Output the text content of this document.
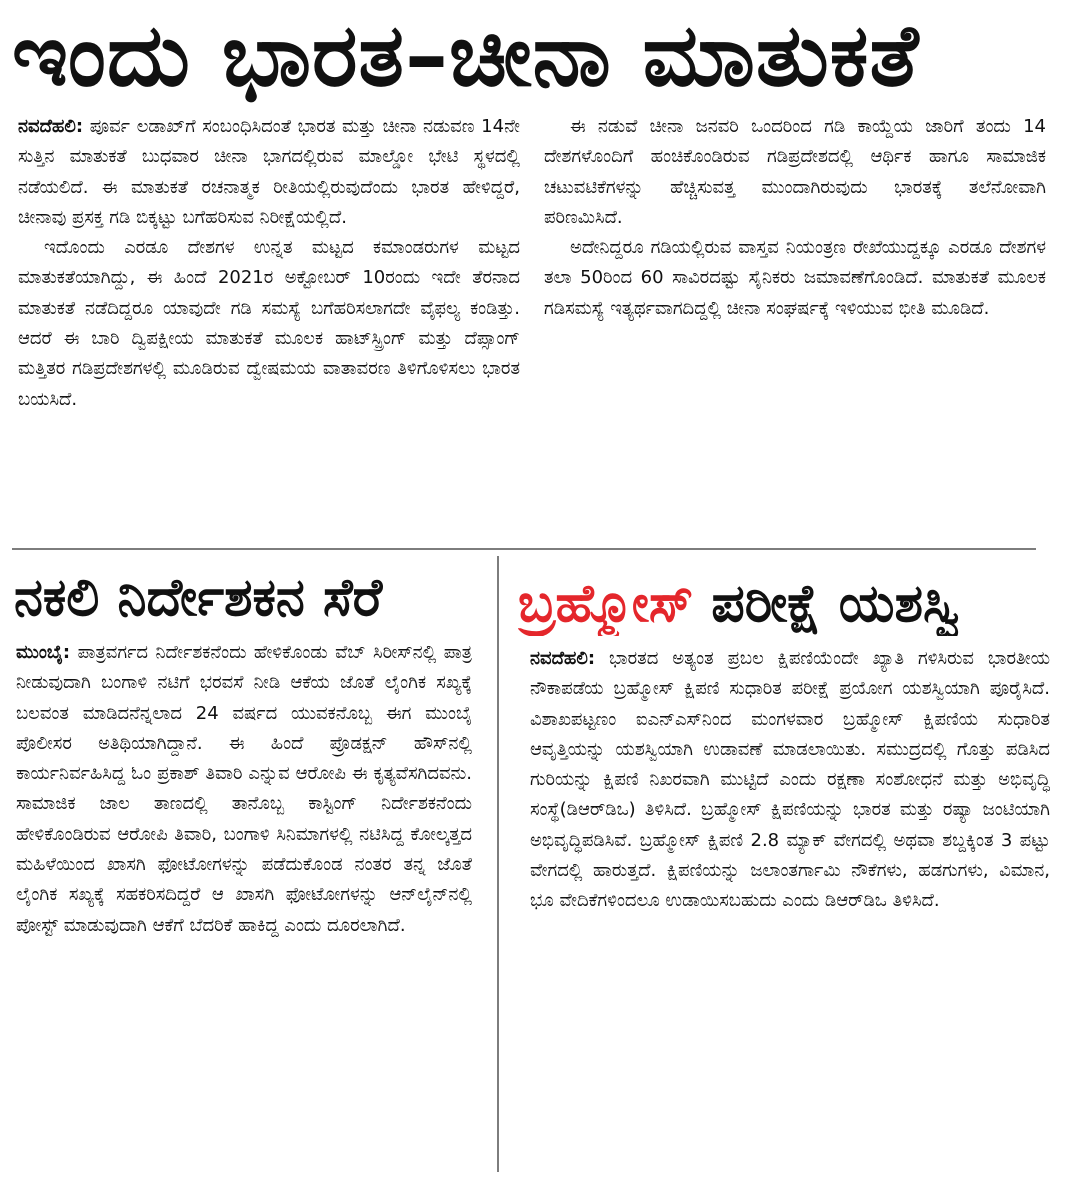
ಇಂದು ಭಾರತ–ಚೀನಾ ಮಾತುಕತೆ

ನವದೆಹಲಿ: ಪೂರ್ವ ಲಡಾಖ್‌ಗೆ ಸಂಬಂಧಿಸಿದಂತೆ ಭಾರತ ಮತ್ತು ಚೀನಾ ನಡುವಣ 14ನೇ ಸುತ್ತಿನ ಮಾತುಕತೆ ಬುಧವಾರ ಚೀನಾ ಭಾಗದಲ್ಲಿರುವ ಮಾಲ್ಡೋ ಭೇಟಿ ಸ್ಥಳದಲ್ಲಿ ನಡೆಯಲಿದೆ. ಈ ಮಾತುಕತೆ ರಚನಾತ್ಮಕ ರೀತಿಯಲ್ಲಿರುವುದೆಂದು ಭಾರತ ಹೇಳಿದ್ದರೆ, ಚೀನಾವು ಪ್ರಸಕ್ತ ಗಡಿ ಬಿಕ್ಕಟ್ಟು ಬಗೆಹರಿಸುವ ನಿರೀಕ್ಷೆಯಲ್ಲಿದೆ.

ಇದೊಂದು ಎರಡೂ ದೇಶಗಳ ಉನ್ನತ ಮಟ್ಟದ ಕಮಾಂಡರುಗಳ ಮಟ್ಟದ ಮಾತುಕತೆಯಾಗಿದ್ದು, ಈ ಹಿಂದೆ 2021ರ ಅಕ್ಟೋಬರ್ 10ರಂದು ಇದೇ ತೆರನಾದ ಮಾತುಕತೆ ನಡೆದಿದ್ದರೂ ಯಾವುದೇ ಗಡಿ ಸಮಸ್ಯೆ ಬಗೆಹರಿಸಲಾಗದೇ ವೈಫಲ್ಯ ಕಂಡಿತ್ತು. ಆದರೆ ಈ ಬಾರಿ ದ್ವಿಪಕ್ಷೀಯ ಮಾತುಕತೆ ಮೂಲಕ ಹಾಟ್‌ಸ್ಪ್ರಿಂಗ್ ಮತ್ತು ದೆಪ್ಸಾಂಗ್ ಮತ್ತಿತರ ಗಡಿಪ್ರದೇಶಗಳಲ್ಲಿ ಮೂಡಿರುವ ದ್ವೇಷಮಯ ವಾತಾವರಣ ತಿಳಿಗೊಳಿಸಲು ಭಾರತ ಬಯಸಿದೆ.

ಈ ನಡುವೆ ಚೀನಾ ಜನವರಿ ಒಂದರಿಂದ ಗಡಿ ಕಾಯ್ದೆಯ ಜಾರಿಗೆ ತಂದು 14 ದೇಶಗಳೊಂದಿಗೆ ಹಂಚಿಕೊಂಡಿರುವ ಗಡಿಪ್ರದೇಶದಲ್ಲಿ ಆರ್ಥಿಕ ಹಾಗೂ ಸಾಮಾಜಿಕ ಚಟುವಟಿಕೆಗಳನ್ನು ಹೆಚ್ಚಿಸುವತ್ತ ಮುಂದಾಗಿರುವುದು ಭಾರತಕ್ಕೆ ತಲೆನೋವಾಗಿ ಪರಿಣಮಿಸಿದೆ.

ಅದೇನಿದ್ದರೂ ಗಡಿಯಲ್ಲಿರುವ ವಾಸ್ತವ ನಿಯಂತ್ರಣ ರೇಖೆಯುದ್ದಕ್ಕೂ ಎರಡೂ ದೇಶಗಳ ತಲಾ 50ರಿಂದ 60 ಸಾವಿರದಷ್ಟು ಸೈನಿಕರು ಜಮಾವಣೆಗೊಂಡಿದೆ. ಮಾತುಕತೆ ಮೂಲಕ ಗಡಿಸಮಸ್ಯೆ ಇತ್ಯರ್ಥವಾಗದಿದ್ದಲ್ಲಿ ಚೀನಾ ಸಂಘರ್ಷಕ್ಕೆ ಇಳಿಯುವ ಭೀತಿ ಮೂಡಿದೆ.

ನಕಲಿ ನಿರ್ದೇಶಕನ ಸೆರೆ

ಮುಂಬೈ: ಪಾತ್ರವರ್ಗದ ನಿರ್ದೇಶಕನೆಂದು ಹೇಳಿಕೊಂಡು ವೆಬ್ ಸಿರೀಸ್‌ನಲ್ಲಿ ಪಾತ್ರ ನೀಡುವುದಾಗಿ ಬಂಗಾಳಿ ನಟಿಗೆ ಭರವಸೆ ನೀಡಿ ಆಕೆಯ ಜೊತೆ ಲೈಂಗಿಕ ಸಖ್ಯಕ್ಕೆ ಬಲವಂತ ಮಾಡಿದನೆನ್ನಲಾದ 24 ವರ್ಷದ ಯುವಕನೊಬ್ಬ ಈಗ ಮುಂಬೈ ಪೊಲೀಸರ ಅತಿಥಿಯಾಗಿದ್ದಾನೆ. ಈ ಹಿಂದೆ ಪ್ರೊಡಕ್ಷನ್ ಹೌಸ್‌ನಲ್ಲಿ ಕಾರ್ಯನಿರ್ವಹಿಸಿದ್ದ ಓಂ ಪ್ರಕಾಶ್ ತಿವಾರಿ ಎನ್ನುವ ಆರೋಪಿ ಈ ಕೃತ್ಯವೆಸಗಿದವನು. ಸಾಮಾಜಿಕ ಜಾಲ ತಾಣದಲ್ಲಿ ತಾನೊಬ್ಬ ಕಾಸ್ಟಿಂಗ್ ನಿರ್ದೇಶಕನೆಂದು ಹೇಳಿಕೊಂಡಿರುವ ಆರೋಪಿ ತಿವಾರಿ, ಬಂಗಾಳಿ ಸಿನಿಮಾಗಳಲ್ಲಿ ನಟಿಸಿದ್ದ ಕೋಲ್ಕತ್ತದ ಮಹಿಳೆಯಿಂದ ಖಾಸಗಿ ಫೋಟೋಗಳನ್ನು ಪಡೆದುಕೊಂಡ ನಂತರ ತನ್ನ ಜೊತೆ ಲೈಂಗಿಕ ಸಖ್ಯಕ್ಕೆ ಸಹಕರಿಸದಿದ್ದರೆ ಆ ಖಾಸಗಿ ಫೋಟೋಗಳನ್ನು ಆನ್‌ಲೈನ್‌ನಲ್ಲಿ ಪೋಸ್ಟ್ ಮಾಡುವುದಾಗಿ ಆಕೆಗೆ ಬೆದರಿಕೆ ಹಾಕಿದ್ದ ಎಂದು ದೂರಲಾಗಿದೆ.

ಬ್ರಹ್ಮೋಸ್ ಪರೀಕ್ಷೆ ಯಶಸ್ವಿ

ನವದೆಹಲಿ: ಭಾರತದ ಅತ್ಯಂತ ಪ್ರಬಲ ಕ್ಷಿಪಣಿಯೆಂದೇ ಖ್ಯಾತಿ ಗಳಿಸಿರುವ ಭಾರತೀಯ ನೌಕಾಪಡೆಯ ಬ್ರಹ್ಮೋಸ್ ಕ್ಷಿಪಣಿ ಸುಧಾರಿತ ಪರೀಕ್ಷೆ ಪ್ರಯೋಗ ಯಶಸ್ವಿಯಾಗಿ ಪೂರೈಸಿದೆ. ವಿಶಾಖಪಟ್ಟಣಂ ಐಎನ್‌ಎಸ್‌ನಿಂದ ಮಂಗಳವಾರ ಬ್ರಹ್ಮೋಸ್ ಕ್ಷಿಪಣಿಯ ಸುಧಾರಿತ ಆವೃತ್ತಿಯನ್ನು ಯಶಸ್ವಿಯಾಗಿ ಉಡಾವಣೆ ಮಾಡಲಾಯಿತು. ಸಮುದ್ರದಲ್ಲಿ ಗೊತ್ತು ಪಡಿಸಿದ ಗುರಿಯನ್ನು ಕ್ಷಿಪಣಿ ನಿಖರವಾಗಿ ಮುಟ್ಟಿದೆ ಎಂದು ರಕ್ಷಣಾ ಸಂಶೋಧನೆ ಮತ್ತು ಅಭಿವೃದ್ಧಿ ಸಂಸ್ಥೆ(ಡಿಆರ್‌ಡಿಒ) ತಿಳಿಸಿದೆ. ಬ್ರಹ್ಮೋಸ್ ಕ್ಷಿಪಣಿಯನ್ನು ಭಾರತ ಮತ್ತು ರಷ್ಯಾ ಜಂಟಿಯಾಗಿ ಅಭಿವೃದ್ಧಿಪಡಿಸಿವೆ. ಬ್ರಹ್ಮೋಸ್ ಕ್ಷಿಪಣಿ 2.8 ಮ್ಯಾಕ್ ವೇಗದಲ್ಲಿ ಅಥವಾ ಶಬ್ದಕ್ಕಿಂತ 3 ಪಟ್ಟು ವೇಗದಲ್ಲಿ ಹಾರುತ್ತದೆ. ಕ್ಷಿಪಣಿಯನ್ನು ಜಲಾಂತರ್ಗಾಮಿ ನೌಕೆಗಳು, ಹಡಗುಗಳು, ವಿಮಾನ, ಭೂ ವೇದಿಕೆಗಳಿಂದಲೂ ಉಡಾಯಿಸಬಹುದು ಎಂದು ಡಿಆರ್‌ಡಿಒ ತಿಳಿಸಿದೆ.
